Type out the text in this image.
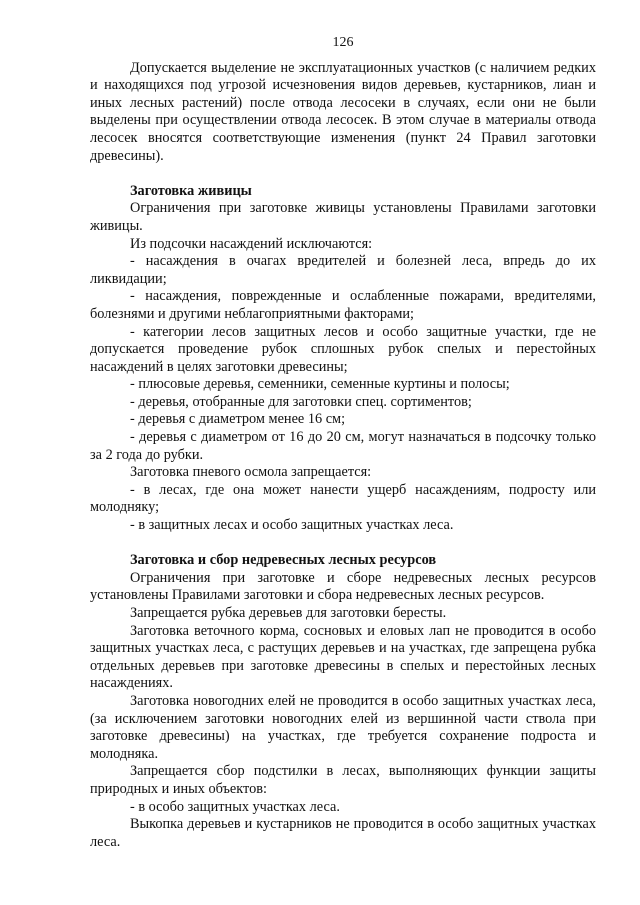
126

Допускается выделение не эксплуатационных участков (с наличием редких и находящихся под угрозой исчезновения видов деревьев, кустарников, лиан и иных лесных растений) после отвода лесосеки в случаях, если они не были выделены при осуществлении отвода лесосек. В этом случае в материалы отвода лесосек вносятся соответствующие изменения (пункт 24 Правил заготовки древесины).

Заготовка живицы

Ограничения при заготовке живицы установлены Правилами заготовки живицы.

Из подсочки насаждений исключаются:

- насаждения в очагах вредителей и болезней леса, впредь до их ликвидации;

- насаждения, поврежденные и ослабленные пожарами, вредителями, болезнями и другими неблагоприятными факторами;

- категории лесов защитных лесов и особо защитные участки, где не допускается проведение рубок сплошных рубок спелых и перестойных насаждений в целях заготовки древесины;

- плюсовые деревья, семенники, семенные куртины и полосы;

- деревья, отобранные для заготовки спец. сортиментов;

- деревья с диаметром менее 16 см;

- деревья с диаметром от 16 до 20 см, могут назначаться в подсочку только за 2 года до рубки.

Заготовка пневого осмола запрещается:

- в лесах, где она может нанести ущерб насаждениям, подросту или молодняку;

- в защитных лесах и особо защитных участках леса.

Заготовка и сбор недревесных лесных ресурсов

Ограничения при заготовке и сборе недревесных лесных ресурсов установлены Правилами заготовки и сбора недревесных лесных ресурсов.

Запрещается рубка деревьев для заготовки бересты.

Заготовка веточного корма, сосновых и еловых лап не проводится в особо защитных участках леса, с растущих деревьев и на участках, где запрещена рубка отдельных деревьев при заготовке древесины в спелых и перестойных лесных насаждениях.

Заготовка новогодних елей не проводится в особо защитных участках леса, (за исключением заготовки новогодних елей из вершинной части ствола при заготовке древесины) на участках, где требуется сохранение подроста и молодняка.

Запрещается сбор подстилки в лесах, выполняющих функции защиты природных и иных объектов:

- в особо защитных участках леса.

Выкопка деревьев и кустарников не проводится в особо защитных участках леса.
